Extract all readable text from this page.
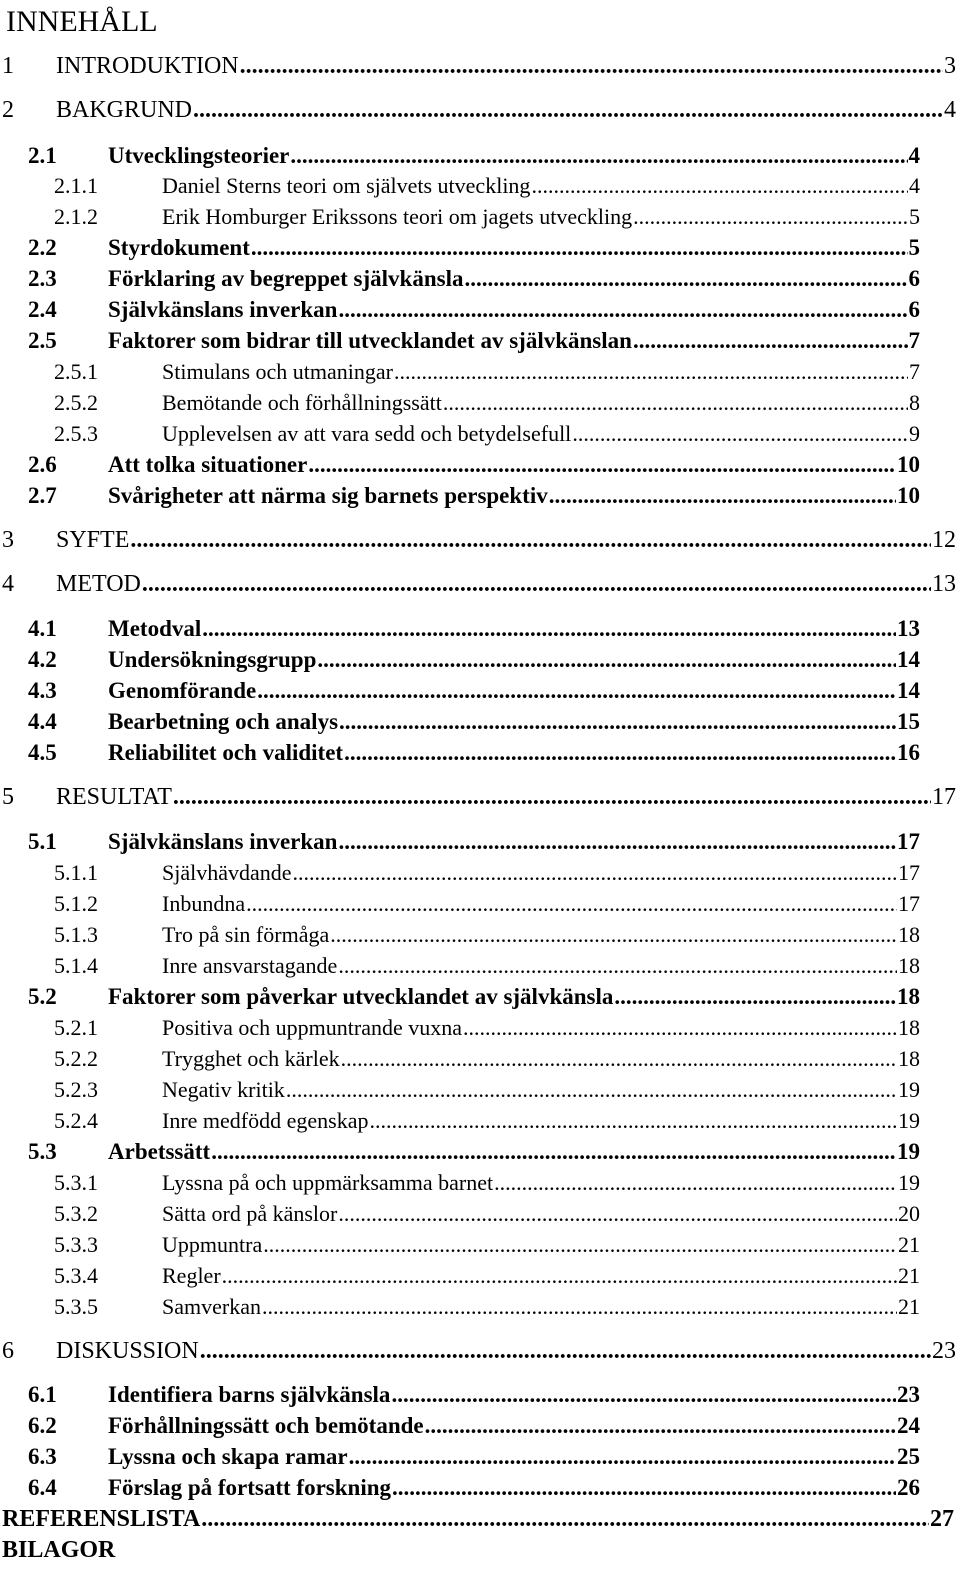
INNEHÅLL
1	INTRODUKTION .....	3
2	BAKGRUND .....	4
2.1	Utvecklingsteorier .....	4
2.1.1	Daniel Sterns teori om självets utveckling .....	4
2.1.2	Erik Homburger Erikssons teori om jagets utveckling .....	5
2.2	Styrdokument .....	5
2.3	Förklaring av begreppet självkänsla .....	6
2.4	Självkänslans inverkan .....	6
2.5	Faktorer som bidrar till utvecklandet av självkänslan .....	7
2.5.1	Stimulans och utmaningar .....	7
2.5.2	Bemötande och förhållningssätt .....	8
2.5.3	Upplevelsen av att vara sedd och betydelsefull .....	9
2.6	Att tolka situationer .....	10
2.7	Svårigheter att närma sig barnets perspektiv .....	10
3	SYFTE .....	12
4	METOD .....	13
4.1	Metodval .....	13
4.2	Undersökningsgrupp .....	14
4.3	Genomförande .....	14
4.4	Bearbetning och analys .....	15
4.5	Reliabilitet och validitet .....	16
5	RESULTAT .....	17
5.1	Självkänslans inverkan .....	17
5.1.1	Självhävdande .....	17
5.1.2	Inbundna .....	17
5.1.3	Tro på sin förmåga .....	18
5.1.4	Inre ansvarstagande .....	18
5.2	Faktorer som påverkar utvecklandet av självkänsla .....	18
5.2.1	Positiva och uppmuntrande vuxna .....	18
5.2.2	Trygghet och kärlek .....	18
5.2.3	Negativ kritik .....	19
5.2.4	Inre medfödd egenskap .....	19
5.3	Arbetssätt .....	19
5.3.1	Lyssna på och uppmärksamma barnet .....	19
5.3.2	Sätta ord på känslor .....	20
5.3.3	Uppmuntra .....	21
5.3.4	Regler .....	21
5.3.5	Samverkan .....	21
6	DISKUSSION .....	23
6.1	Identifiera barns självkänsla .....	23
6.2	Förhållningssätt och bemötande .....	24
6.3	Lyssna och skapa ramar .....	25
6.4	Förslag på fortsatt forskning .....	26
REFERENSLISTA .....	27
BILAGOR
